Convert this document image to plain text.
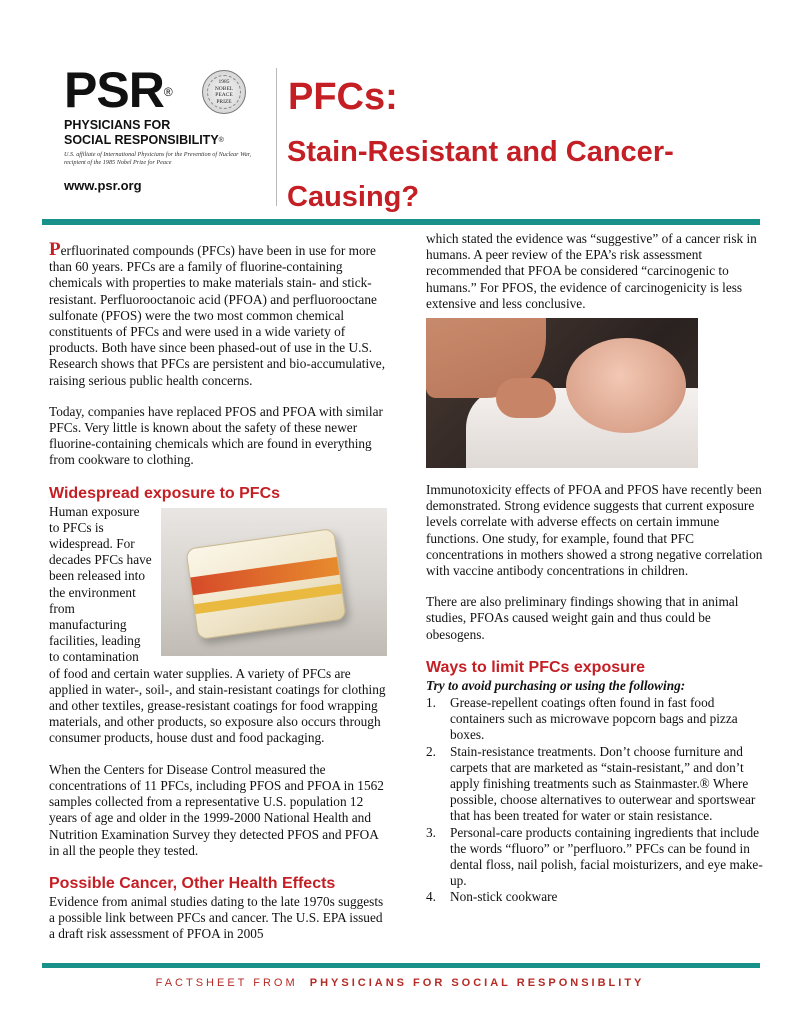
PSR®
1985
NOBEL
PEACE
PRIZE
PHYSICIANS FOR
SOCIAL RESPONSIBILITY®
U.S. affiliate of International Physicians for the Prevention of Nuclear War, recipient of the 1985 Nobel Prize for Peace
www.psr.org
PFCs:
Stain-Resistant and Cancer-Causing?

Perfluorinated compounds (PFCs) have been in use for more than 60 years. PFCs are a family of fluorine-containing chemicals with properties to make materials stain- and stick-resistant. Perfluorooctanoic acid (PFOA) and perfluorooctane sulfonate (PFOS) were the two most common chemical constituents of PFCs and were used in a wide variety of products. Both have since been phased-out of use in the U.S. Research shows that PFCs are persistent and bio-accumulative, raising serious public health concerns.

Today, companies have replaced PFOS and PFOA with similar PFCs. Very little is known about the safety of these newer fluorine-containing chemicals which are found in everything from cookware to clothing.

Widespread exposure to PFCs

Human exposure to PFCs is widespread. For decades PFCs have been released into the environment from manufacturing facilities, leading to contamination of food and certain water supplies. A variety of PFCs are applied in water-, soil-, and stain-resistant coatings for clothing and other textiles, grease-resistant coatings for food wrapping materials, and other products, so exposure also occurs through consumer products, house dust and food packaging.

When the Centers for Disease Control measured the concentrations of 11 PFCs, including PFOS and PFOA in 1562 samples collected from a representative U.S. population 12 years of age and older in the 1999-2000 National Health and Nutrition Examination Survey they detected PFOS and PFOA in all the people they tested.

Possible Cancer, Other Health Effects

Evidence from animal studies dating to the late 1970s suggests a possible link between PFCs and cancer. The U.S. EPA issued a draft risk assessment of PFOA in 2005

which stated the evidence was “suggestive” of a cancer risk in humans. A peer review of the EPA’s risk assessment recommended that PFOA be considered “carcinogenic to humans.” For PFOS, the evidence of carcinogenicity is less extensive and less conclusive.

Immunotoxicity effects of PFOA and PFOS have recently been demonstrated. Strong evidence suggests that current exposure levels correlate with adverse effects on certain immune functions. One study, for example, found that PFC concentrations in mothers showed a strong negative correlation with vaccine antibody concentrations in children.

There are also preliminary findings showing that in animal studies, PFOAs caused weight gain and thus could be obesogens.

Ways to limit PFCs exposure
Try to avoid purchasing or using the following:
1. Grease-repellent coatings often found in fast food containers such as microwave popcorn bags and pizza boxes.
2. Stain-resistance treatments. Don’t choose furniture and carpets that are marketed as “stain-resistant,” and don’t apply finishing treatments such as Stainmaster.® Where possible, choose alternatives to outerwear and sportswear that has been treated for water or stain resistance.
3. Personal-care products containing ingredients that include the words “fluoro” or ”perfluoro.” PFCs can be found in dental floss, nail polish, facial moisturizers, and eye make-up.
4. Non-stick cookware
FACTSHEET FROM PHYSICIANS FOR SOCIAL RESPONSIBLITY
